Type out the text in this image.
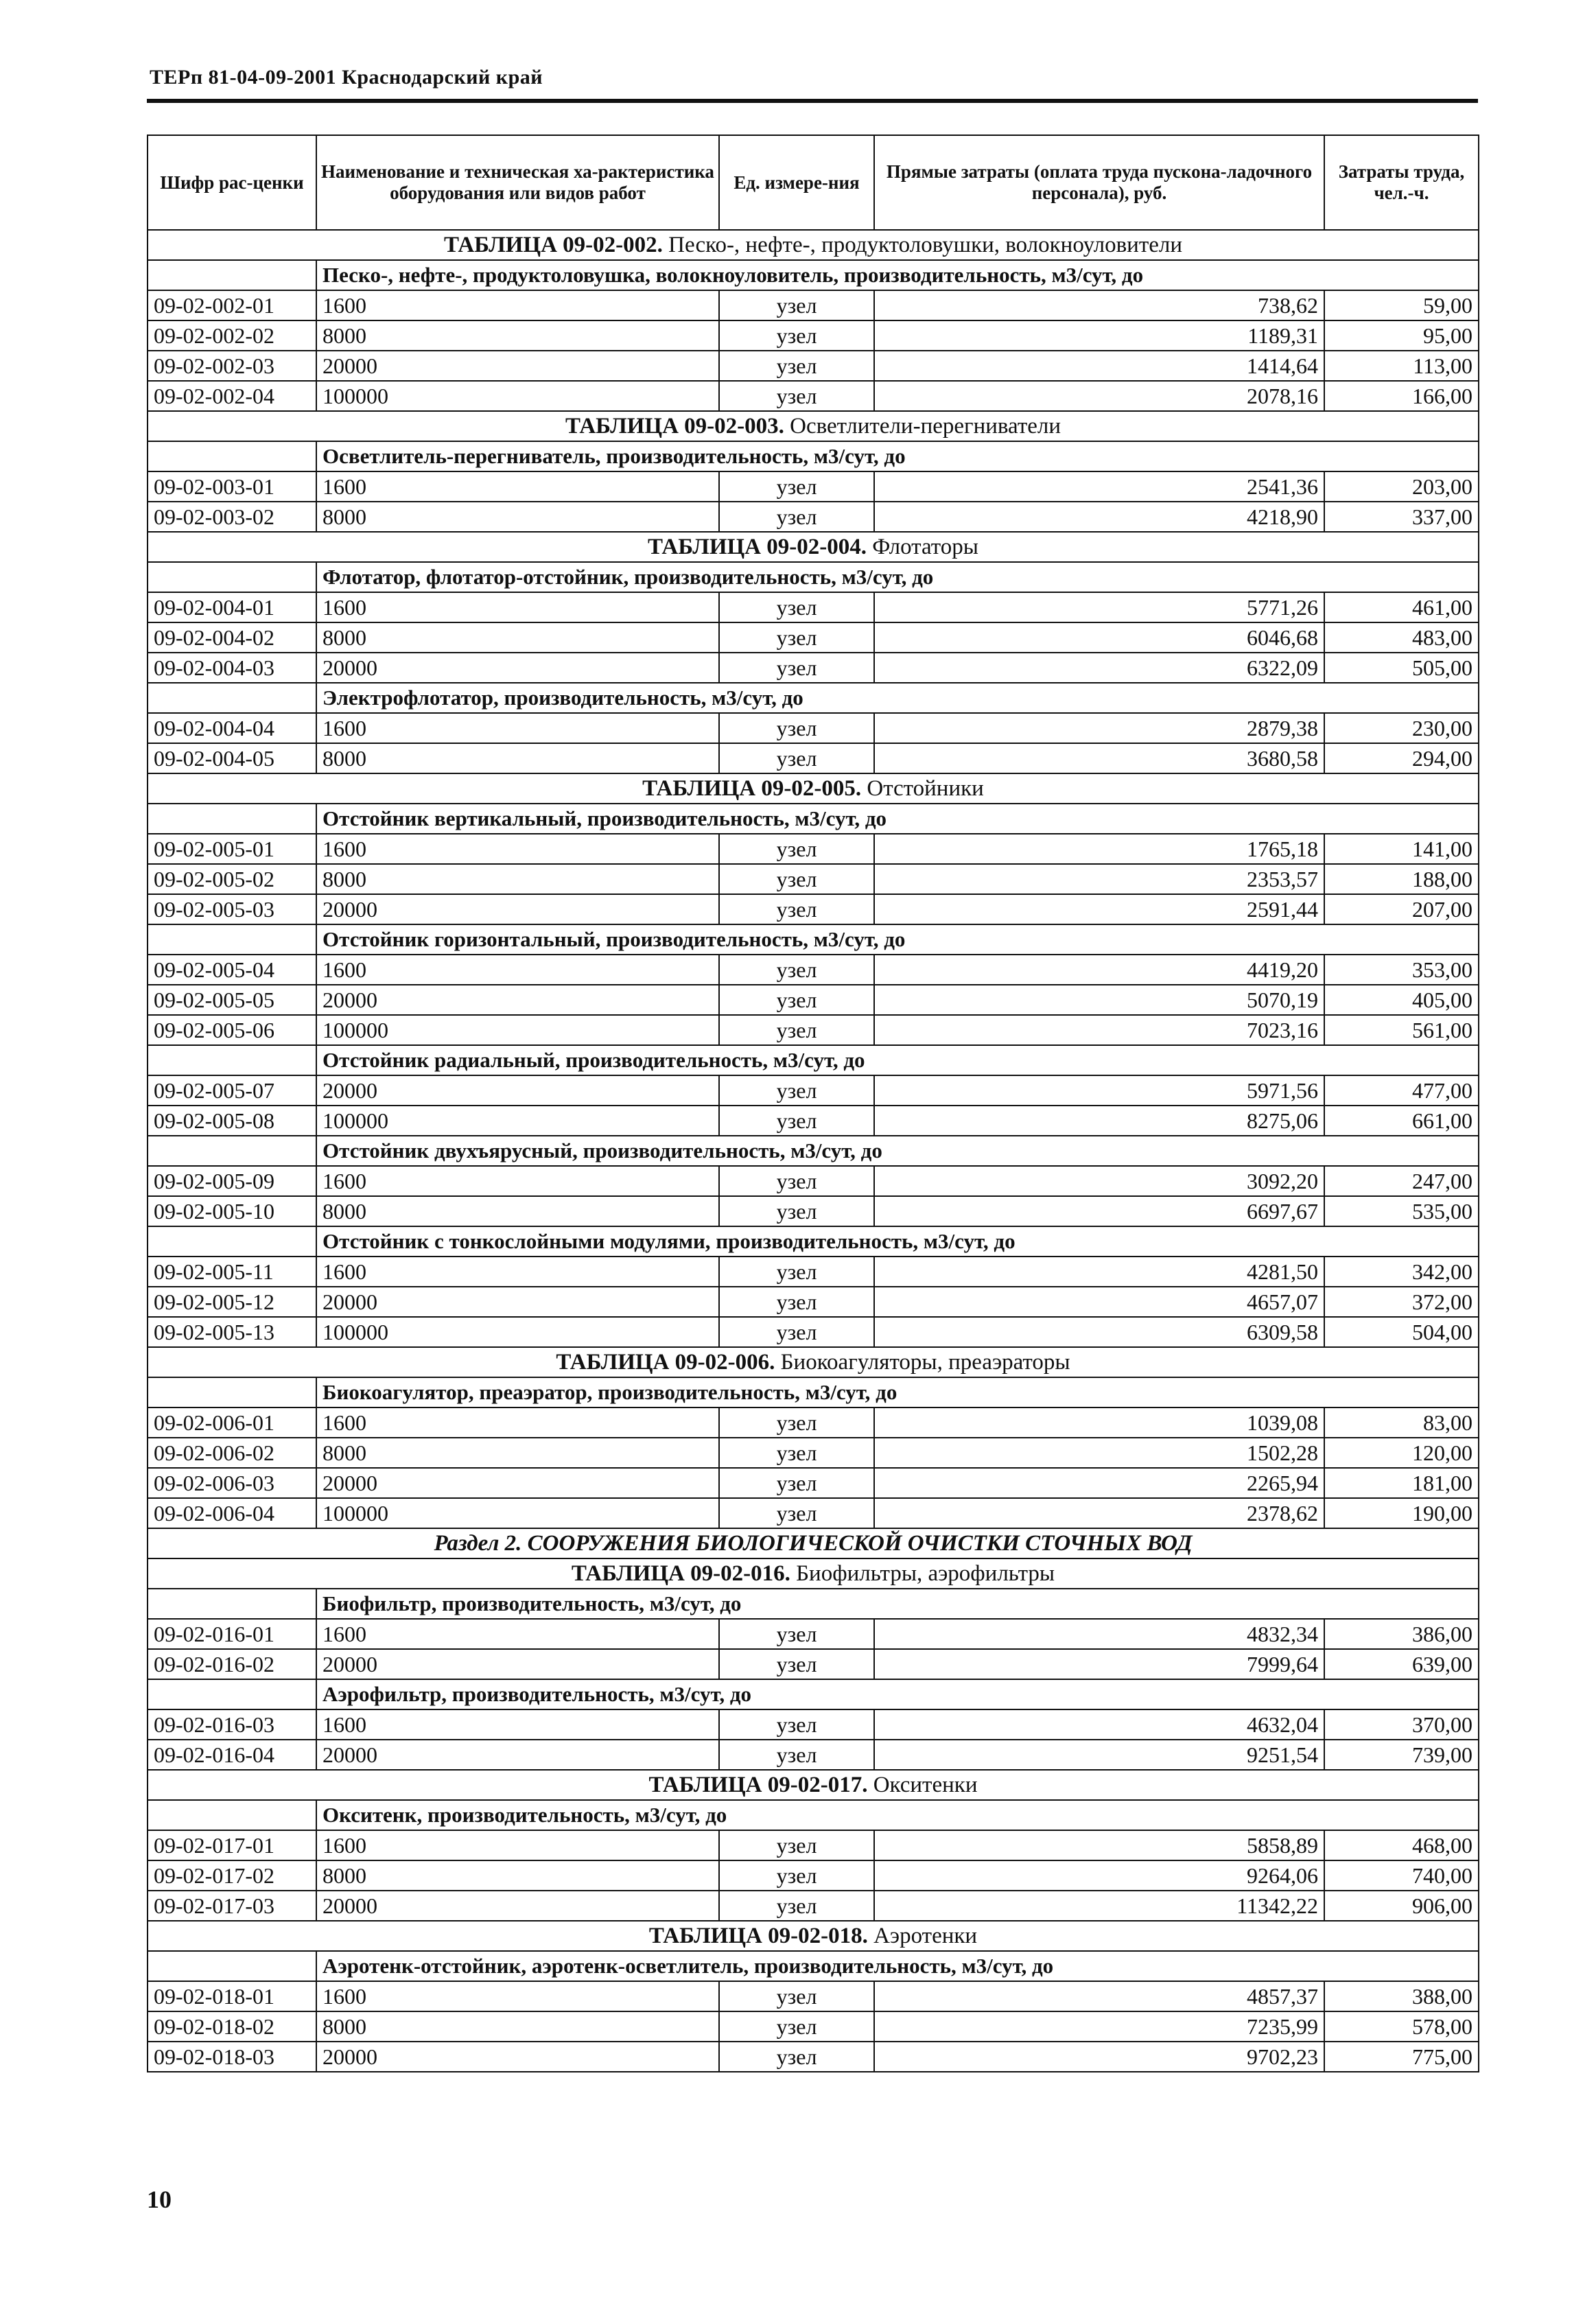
ТЕРп 81-04-09-2001 Краснодарский край
Шифр рас-ценки	Наименование и техническая ха-рактеристика оборудования или видов работ	Ед. измере-ния	Прямые затраты (оплата труда пускона-ладочного персонала), руб.	Затраты труда, чел.-ч.
ТАБЛИЦА 09-02-002. Песко-, нефте-, продуктоловушки, волокноуловители				
	Песко-, нефте-, продуктоловушка, волокноуловитель, производительность, м3/сут, до			
09-02-002-01	1600	узел	738,62	59,00
09-02-002-02	8000	узел	1189,31	95,00
09-02-002-03	20000	узел	1414,64	113,00
09-02-002-04	100000	узел	2078,16	166,00
ТАБЛИЦА 09-02-003. Осветлители-перегниватели				
	Осветлитель-перегниватель, производительность, м3/сут, до			
09-02-003-01	1600	узел	2541,36	203,00
09-02-003-02	8000	узел	4218,90	337,00
ТАБЛИЦА 09-02-004. Флотаторы				
	Флотатор, флотатор-отстойник, производительность, м3/сут, до			
09-02-004-01	1600	узел	5771,26	461,00
09-02-004-02	8000	узел	6046,68	483,00
09-02-004-03	20000	узел	6322,09	505,00
	Электрофлотатор, производительность, м3/сут, до			
09-02-004-04	1600	узел	2879,38	230,00
09-02-004-05	8000	узел	3680,58	294,00
ТАБЛИЦА 09-02-005. Отстойники				
	Отстойник вертикальный, производительность, м3/сут, до			
09-02-005-01	1600	узел	1765,18	141,00
09-02-005-02	8000	узел	2353,57	188,00
09-02-005-03	20000	узел	2591,44	207,00
	Отстойник горизонтальный, производительность, м3/сут, до			
09-02-005-04	1600	узел	4419,20	353,00
09-02-005-05	20000	узел	5070,19	405,00
09-02-005-06	100000	узел	7023,16	561,00
	Отстойник радиальный, производительность, м3/сут, до			
09-02-005-07	20000	узел	5971,56	477,00
09-02-005-08	100000	узел	8275,06	661,00
	Отстойник двухъярусный, производительность, м3/сут, до			
09-02-005-09	1600	узел	3092,20	247,00
09-02-005-10	8000	узел	6697,67	535,00
	Отстойник с тонкослойными модулями, производительность, м3/сут, до			
09-02-005-11	1600	узел	4281,50	342,00
09-02-005-12	20000	узел	4657,07	372,00
09-02-005-13	100000	узел	6309,58	504,00
ТАБЛИЦА 09-02-006. Биокоагуляторы, преаэраторы				
	Биокоагулятор, преаэратор, производительность, м3/сут, до			
09-02-006-01	1600	узел	1039,08	83,00
09-02-006-02	8000	узел	1502,28	120,00
09-02-006-03	20000	узел	2265,94	181,00
09-02-006-04	100000	узел	2378,62	190,00
Раздел 2. СООРУЖЕНИЯ БИОЛОГИЧЕСКОЙ ОЧИСТКИ СТОЧНЫХ ВОД				
ТАБЛИЦА 09-02-016. Биофильтры, аэрофильтры				
	Биофильтр, производительность, м3/сут, до			
09-02-016-01	1600	узел	4832,34	386,00
09-02-016-02	20000	узел	7999,64	639,00
	Аэрофильтр, производительность, м3/сут, до			
09-02-016-03	1600	узел	4632,04	370,00
09-02-016-04	20000	узел	9251,54	739,00
ТАБЛИЦА 09-02-017. Окситенки				
	Окситенк, производительность, м3/сут, до			
09-02-017-01	1600	узел	5858,89	468,00
09-02-017-02	8000	узел	9264,06	740,00
09-02-017-03	20000	узел	11342,22	906,00
ТАБЛИЦА 09-02-018. Аэротенки				
	Аэротенк-отстойник, аэротенк-осветлитель, производительность, м3/сут, до			
09-02-018-01	1600	узел	4857,37	388,00
09-02-018-02	8000	узел	7235,99	578,00
09-02-018-03	20000	узел	9702,23	775,00
10
